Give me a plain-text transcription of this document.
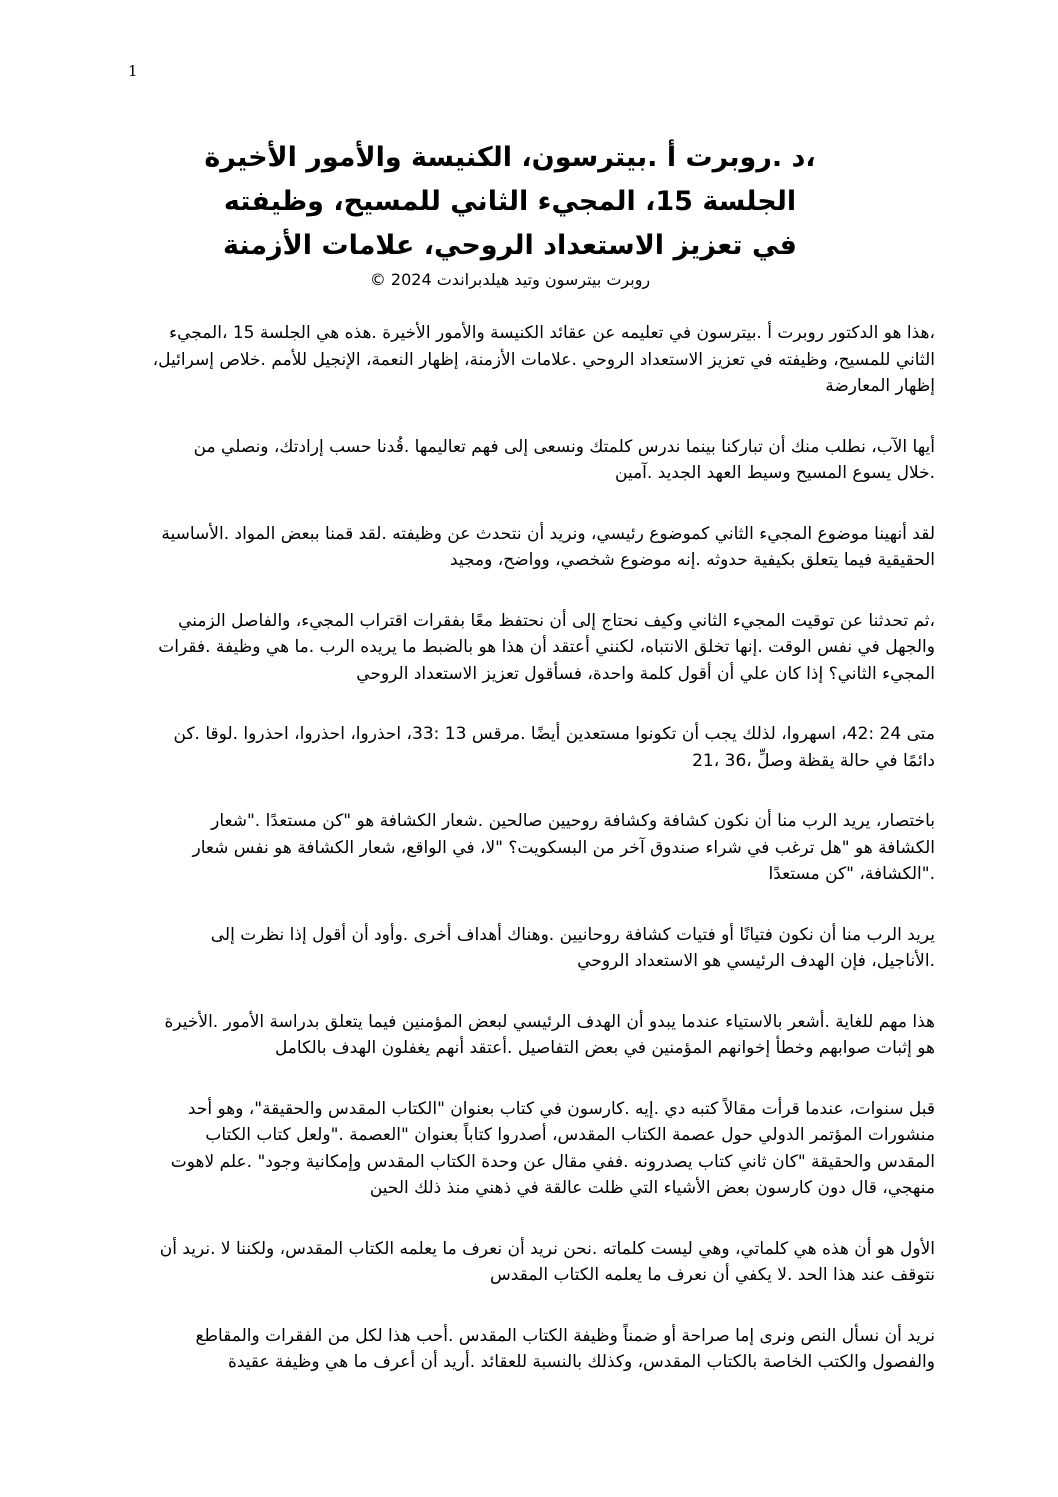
1
،د .روبرت أ .بيترسون، الكنيسة والأمور الأخيرة
الجلسة 15، المجيء الثاني للمسيح، وظيفته
في تعزيز الاستعداد الروحي، علامات الأزمنة
روبرت بيترسون وتيد هيلدبراندت 2024 ©

،هذا هو الدكتور روبرت أ .بيترسون في تعليمه عن عقائد الكنيسة والأمور الأخيرة .هذه هي الجلسة 15 ،المجيء الثاني للمسيح، وظيفته في تعزيز الاستعداد الروحي .علامات الأزمنة، إظهار النعمة، الإنجيل للأمم .خلاص إسرائيل، إظهار المعارضة

أيها الآب، نطلب منك أن تباركنا بينما ندرس كلمتك ونسعى إلى فهم تعاليمها .قُدنا حسب إرادتك، ونصلي من .خلال يسوع المسيح وسيط العهد الجديد .آمين

لقد أنهينا موضوع المجيء الثاني كموضوع رئيسي، ونريد أن نتحدث عن وظيفته .لقد قمنا ببعض المواد .الأساسية الحقيقية فيما يتعلق بكيفية حدوثه .إنه موضوع شخصي، وواضح، ومجيد

،ثم تحدثنا عن توقيت المجيء الثاني وكيف نحتاج إلى أن نحتفظ معًا بفقرات اقتراب المجيء، والفاصل الزمني والجهل في نفس الوقت .إنها تخلق الانتباه، لكنني أعتقد أن هذا هو بالضبط ما يريده الرب .ما هي وظيفة .فقرات المجيء الثاني؟ إذا كان علي أن أقول كلمة واحدة، فسأقول تعزيز الاستعداد الروحي

متى 24 :42، اسهروا، لذلك يجب أن تكونوا مستعدين أيضًا .مرقس 13 :33، احذروا، احذروا، احذروا .لوقا .كن دائمًا في حالة يقظة وصلِّ ،36 ،21

باختصار، يريد الرب منا أن نكون كشافة وكشافة روحيين صالحين .شعار الكشافة هو "كن مستعدًا ."شعار الكشافة هو "هل ترغب في شراء صندوق آخر من البسكويت؟ "لا، في الواقع، شعار الكشافة هو نفس شعار ."الكشافة، "كن مستعدًا

يريد الرب منا أن نكون فتيانًا أو فتيات كشافة روحانيين .وهناك أهداف أخرى .وأود أن أقول إذا نظرت إلى .الأناجيل، فإن الهدف الرئيسي هو الاستعداد الروحي

هذا مهم للغاية .أشعر بالاستياء عندما يبدو أن الهدف الرئيسي لبعض المؤمنين فيما يتعلق بدراسة الأمور .الأخيرة هو إثبات صوابهم وخطأ إخوانهم المؤمنين في بعض التفاصيل .أعتقد أنهم يغفلون الهدف بالكامل

قبل سنوات، عندما قرأت مقالاً كتبه دي .إيه .كارسون في كتاب بعنوان "الكتاب المقدس والحقيقة"، وهو أحد منشورات المؤتمر الدولي حول عصمة الكتاب المقدس، أصدروا كتاباً بعنوان "العصمة ."ولعل كتاب الكتاب المقدس والحقيقة "كان ثاني كتاب يصدرونه .ففي مقال عن وحدة الكتاب المقدس وإمكانية وجود" .علم لاهوت منهجي، قال دون كارسون بعض الأشياء التي ظلت عالقة في ذهني منذ ذلك الحين

الأول هو أن هذه هي كلماتي، وهي ليست كلماته .نحن نريد أن نعرف ما يعلمه الكتاب المقدس، ولكننا لا .نريد أن نتوقف عند هذا الحد .لا يكفي أن نعرف ما يعلمه الكتاب المقدس

نريد أن نسأل النص ونرى إما صراحة أو ضمناً وظيفة الكتاب المقدس .أحب هذا لكل من الفقرات والمقاطع والفصول والكتب الخاصة بالكتاب المقدس، وكذلك بالنسبة للعقائد .أريد أن أعرف ما هي وظيفة عقيدة
